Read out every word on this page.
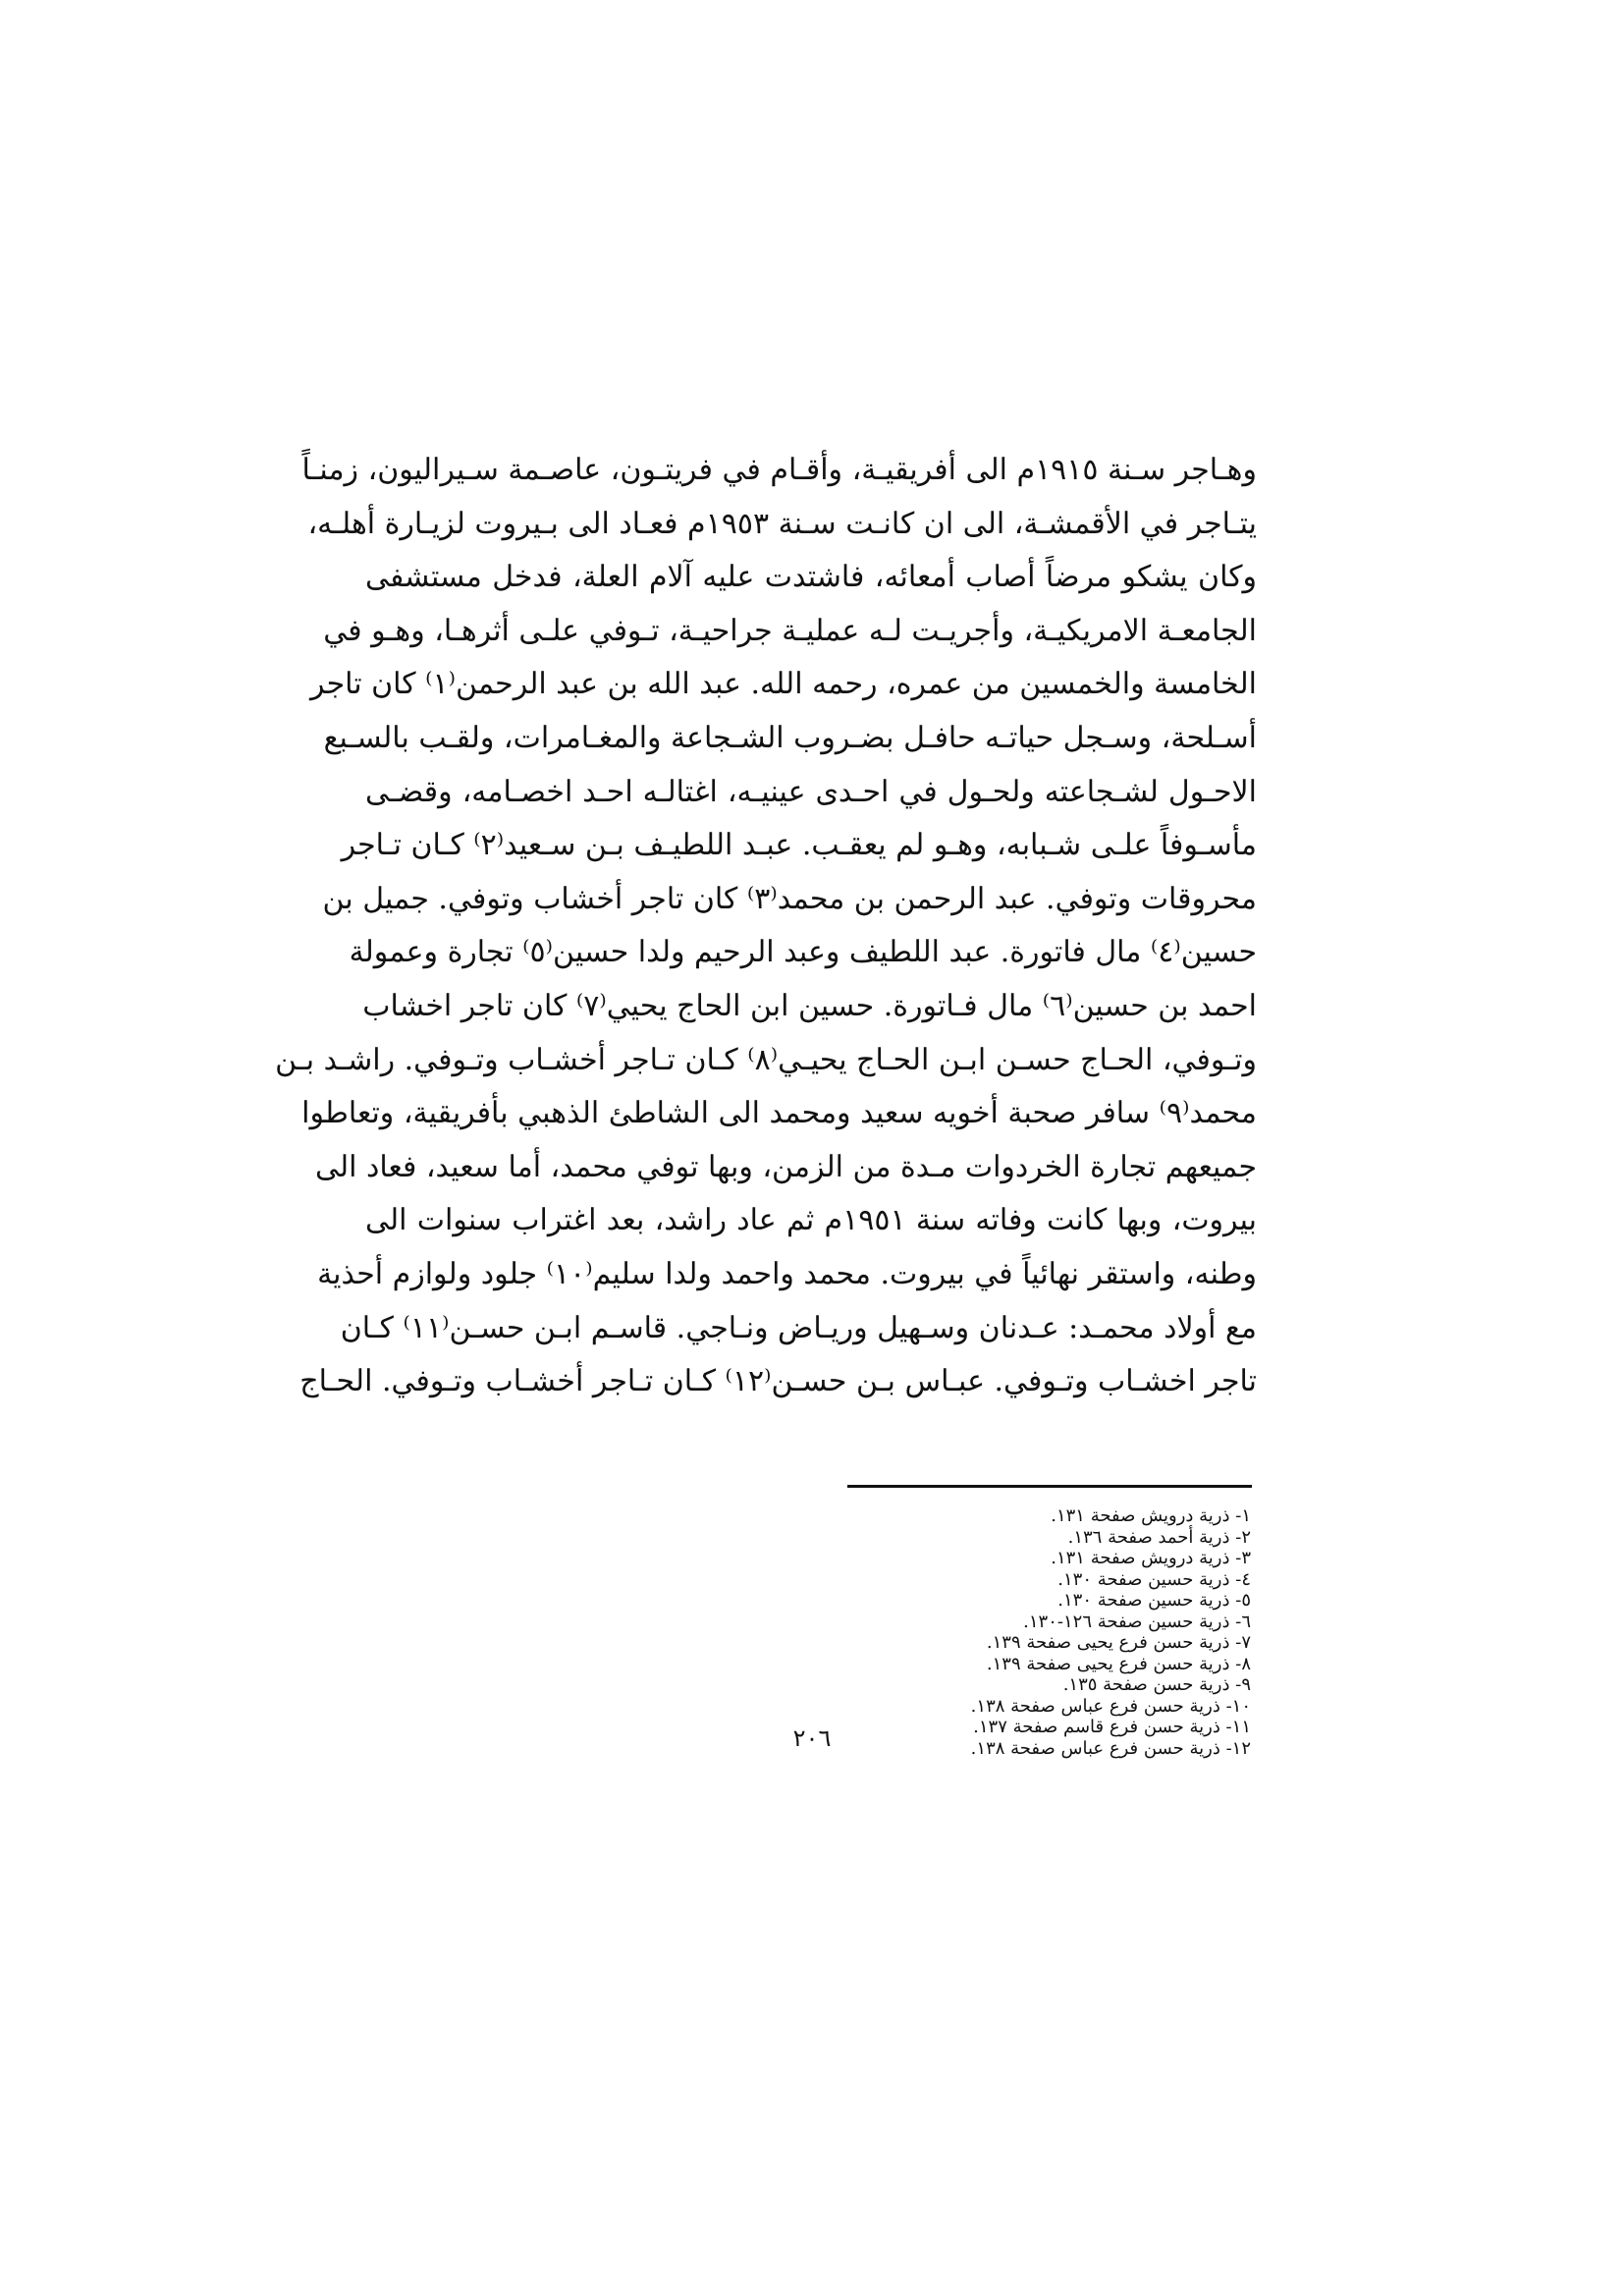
وهـاجر سـنة ١٩١٥م الى أفريقيـة، وأقـام في فريتـون، عاصـمة سـيراليون، زمنـاً
يتـاجر في الأقمشـة، الى ان كانـت سـنة ١٩٥٣م فعـاد الى بـيروت لزيـارة أهلـه،
وكان يشكو مرضاً أصاب أمعائه، فاشتدت عليه آلام العلة، فدخل مستشفى
الجامعـة الامريكيـة، وأجريـت لـه عمليـة جراحيـة، تـوفي علـى أثرهـا، وهـو في
الخامسة والخمسين من عمره، رحمه الله. عبد الله بن عبد الرحمن⁽١⁾ كان تاجر
أسـلحة، وسـجل حياتـه حافـل بضـروب الشـجاعة والمغـامرات، ولقـب بالسـبع
الاحـول لشـجاعته ولحـول في احـدى عينيـه، اغتالـه احـد اخصـامه، وقضـى
مأسـوفاً علـى شـبابه، وهـو لم يعقـب. عبـد اللطيـف بـن سـعيد⁽٢⁾ كـان تـاجر
محروقات وتوفي. عبد الرحمن بن محمد⁽٣⁾ كان تاجر أخشاب وتوفي. جميل بن
حسين⁽٤⁾ مال فاتورة. عبد اللطيف وعبد الرحيم ولدا حسين⁽٥⁾ تجارة وعمولة
احمد بن حسين⁽٦⁾ مال فـاتورة. حسين ابن الحاج يحيي⁽٧⁾ كان تاجر اخشاب
وتـوفي، الحـاج حسـن ابـن الحـاج يحيـي⁽٨⁾ كـان تـاجر أخشـاب وتـوفي. راشـد بـن
محمد⁽٩⁾ سافر صحبة أخويه سعيد ومحمد الى الشاطئ الذهبي بأفريقية، وتعاطوا
جميعهم تجارة الخردوات مـدة من الزمن، وبها توفي محمد، أما سعيد، فعاد الى
بيروت، وبها كانت وفاته سنة ١٩٥١م ثم عاد راشد، بعد اغتراب سنوات الى
وطنه، واستقر نهائياً في بيروت. محمد واحمد ولدا سليم⁽١٠⁾ جلود ولوازم أحذية
مع أولاد محمـد: عـدنان وسـهيل وريـاض ونـاجي. قاسـم ابـن حسـن⁽١١⁾ كـان
تاجر اخشـاب وتـوفي. عبـاس بـن حسـن⁽١٢⁾ كـان تـاجر أخشـاب وتـوفي. الحـاج
١- ذرية درويش صفحة ١٣١.
٢- ذرية أحمد صفحة ١٣٦.
٣- ذرية درويش صفحة ١٣١.
٤- ذرية حسين صفحة ١٣٠.
٥- ذرية حسين صفحة ١٣٠.
٦- ذرية حسين صفحة ١٢٦-١٣٠.
٧- ذرية حسن فرع يحيى صفحة ١٣٩.
٨- ذرية حسن فرع يحيى صفحة ١٣٩.
٩- ذرية حسن صفحة ١٣٥.
١٠- ذرية حسن فرع عباس صفحة ١٣٨.
١١- ذرية حسن فرع قاسم صفحة ١٣٧.
١٢- ذرية حسن فرع عباس صفحة ١٣٨.
٢٠٦
